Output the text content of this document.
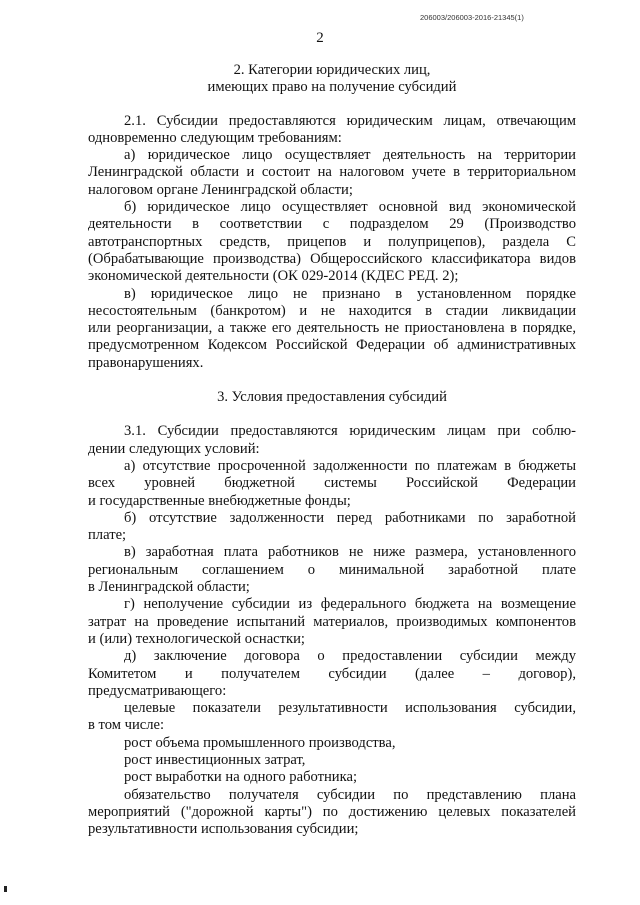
206003/206003-2016-21345(1)
2
2. Категории юридических лиц,
имеющих право на получение субсидий
2.1. Субсидии предоставляются юридическим лицам, отвечающим
одновременно следующим требованиям:
а) юридическое лицо осуществляет деятельность на территории
Ленинградской области и состоит на налоговом учете в территориальном
налоговом органе Ленинградской области;
б) юридическое лицо осуществляет основной вид экономической
деятельности в соответствии с подразделом 29 (Производство
автотранспортных средств, прицепов и полуприцепов), раздела С
(Обрабатывающие производства) Общероссийского классификатора видов
экономической деятельности (ОК 029-2014 (КДЕС РЕД. 2);
в) юридическое лицо не признано в установленном порядке
несостоятельным (банкротом) и не находится в стадии ликвидации
или реорганизации, а также его деятельность не приостановлена в порядке,
предусмотренном Кодексом Российской Федерации об административных
правонарушениях.
3. Условия предоставления субсидий
3.1. Субсидии предоставляются юридическим лицам при соблю-
дении следующих условий:
а) отсутствие просроченной задолженности по платежам в бюджеты
всех уровней бюджетной системы Российской Федерации
и государственные внебюджетные фонды;
б) отсутствие задолженности перед работниками по заработной
плате;
в) заработная плата работников не ниже размера, установленного
региональным соглашением о минимальной заработной плате
в Ленинградской области;
г) неполучение субсидии из федерального бюджета на возмещение
затрат на проведение испытаний материалов, производимых компонентов
и (или) технологической оснастки;
д) заключение договора о предоставлении субсидии между
Комитетом и получателем субсидии (далее – договор),
предусматривающего:
целевые показатели результативности использования субсидии,
в том числе:
рост объема промышленного производства,
рост инвестиционных затрат,
рост выработки на одного работника;
обязательство получателя субсидии по представлению плана
мероприятий ("дорожной карты") по достижению целевых показателей
результативности использования субсидии;
